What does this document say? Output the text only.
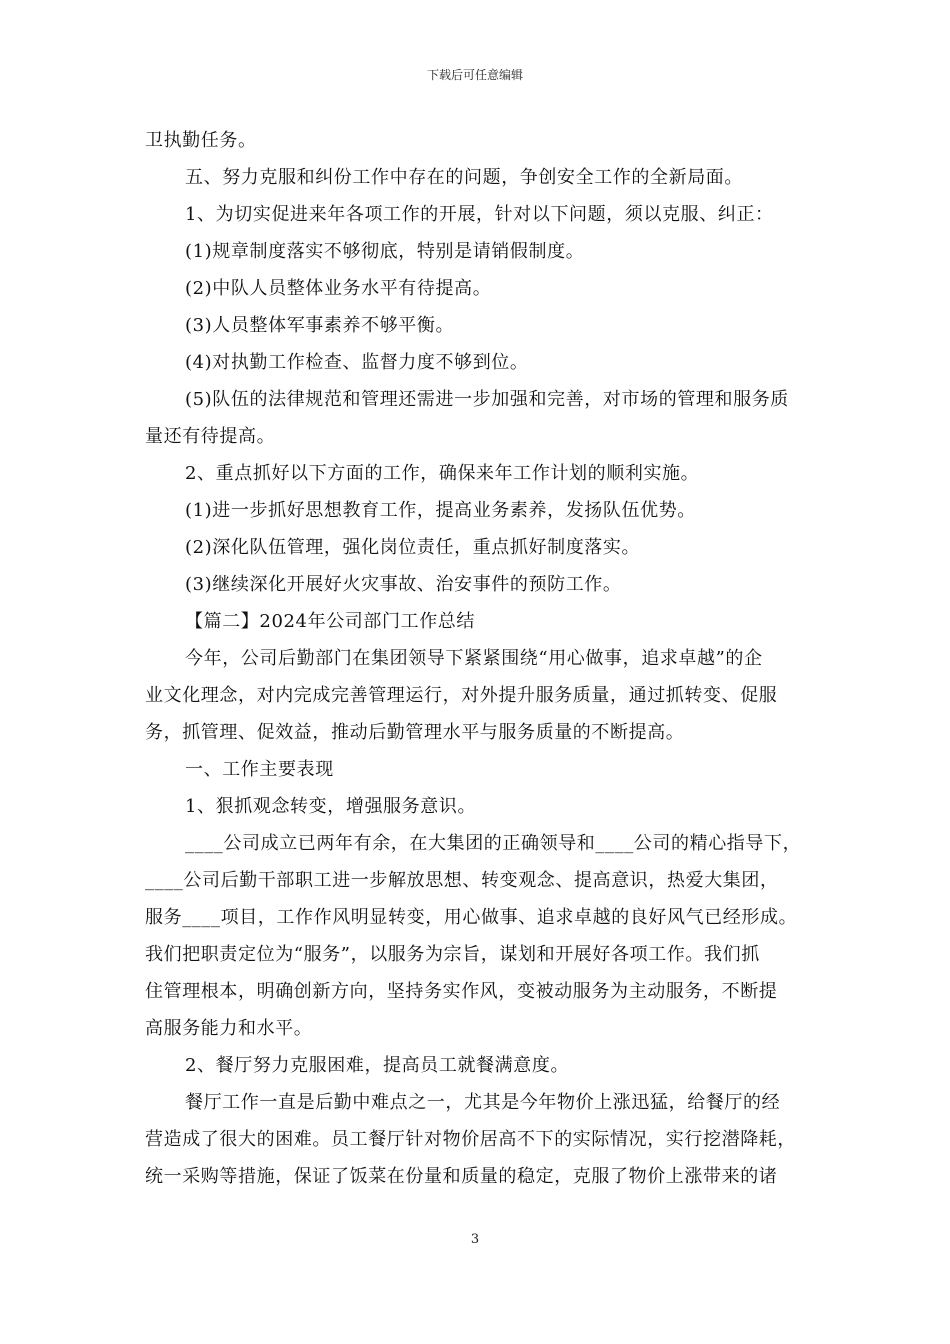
下载后可任意编辑
卫执勤任务。
五、努力克服和纠份工作中存在的问题，争创安全工作的全新局面。
1、为切实促进来年各项工作的开展，针对以下问题，须以克服、纠正：
(1)规章制度落实不够彻底，特别是请销假制度。
(2)中队人员整体业务水平有待提高。
(3)人员整体军事素养不够平衡。
(4)对执勤工作检查、监督力度不够到位。
(5)队伍的法律规范和管理还需进一步加强和完善，对市场的管理和服务质
量还有待提高。
2、重点抓好以下方面的工作，确保来年工作计划的顺利实施。
(1)进一步抓好思想教育工作，提高业务素养，发扬队伍优势。
(2)深化队伍管理，强化岗位责任，重点抓好制度落实。
(3)继续深化开展好火灾事故、治安事件的预防工作。
【篇二】2024年公司部门工作总结
今年，公司后勤部门在集团领导下紧紧围绕“用心做事，追求卓越”的企
业文化理念，对内完成完善管理运行，对外提升服务质量，通过抓转变、促服
务，抓管理、促效益，推动后勤管理水平与服务质量的不断提高。
一、工作主要表现
1、狠抓观念转变，增强服务意识。
____公司成立已两年有余，在大集团的正确领导和____公司的精心指导下，
____公司后勤干部职工进一步解放思想、转变观念、提高意识，热爱大集团，
服务____项目，工作作风明显转变，用心做事、追求卓越的良好风气已经形成。
我们把职责定位为“服务”，以服务为宗旨，谋划和开展好各项工作。我们抓
住管理根本，明确创新方向，坚持务实作风，变被动服务为主动服务，不断提
高服务能力和水平。
2、餐厅努力克服困难，提高员工就餐满意度。
餐厅工作一直是后勤中难点之一，尤其是今年物价上涨迅猛，给餐厅的经
营造成了很大的困难。员工餐厅针对物价居高不下的实际情况，实行挖潜降耗，
统一采购等措施，保证了饭菜在份量和质量的稳定，克服了物价上涨带来的诸
3
